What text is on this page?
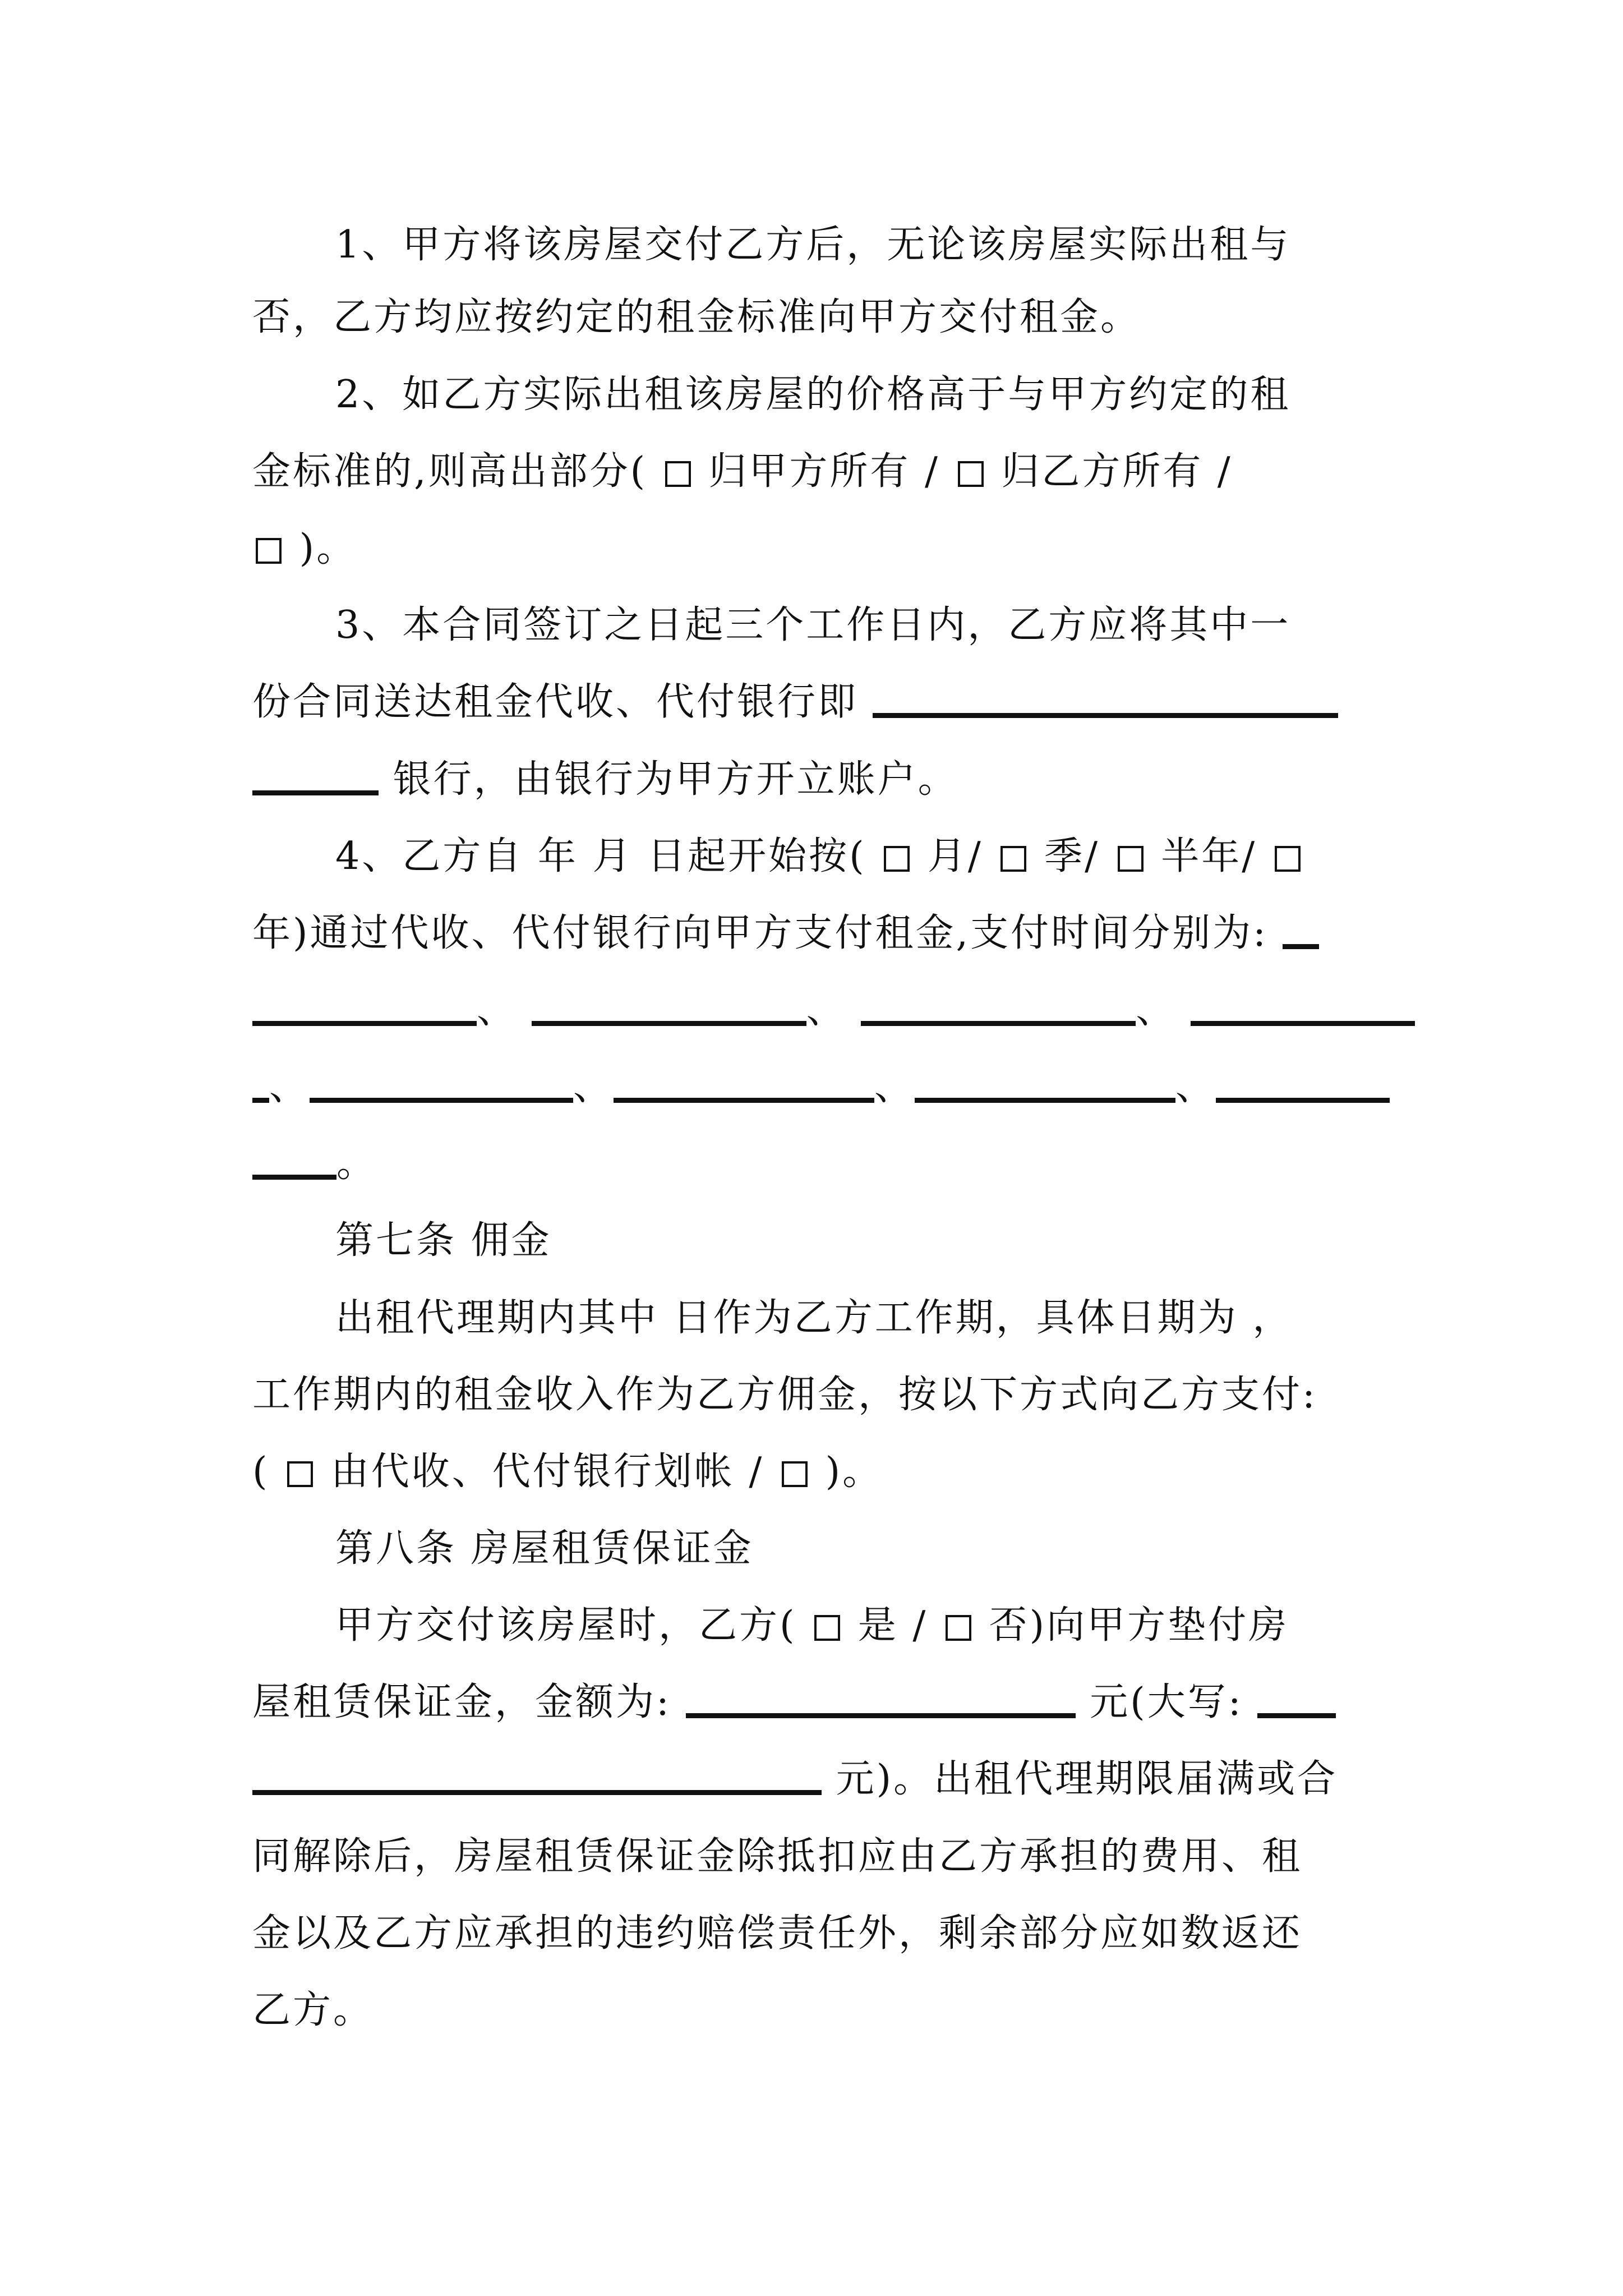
1、甲方将该房屋交付乙方后，无论该房屋实际出租与
否，乙方均应按约定的租金标准向甲方交付租金。
2、如乙方实际出租该房屋的价格高于与甲方约定的租
金标准的,则高出部分( 归甲方所有 / 归乙方所有 /
)。
3、本合同签订之日起三个工作日内，乙方应将其中一
份合同送达租金代收、代付银行即
银行，由银行为甲方开立账户。
4、乙方自 年 月 日起开始按( 月/ 季/ 半年/
年)通过代收、代付银行向甲方支付租金,支付时间分别为:
、	、	、
、	、	、	、
。
第七条 佣金
出租代理期内其中 日作为乙方工作期，具体日期为 ，
工作期内的租金收入作为乙方佣金，按以下方式向乙方支付:
( 由代收、代付银行划帐 / )。
第八条 房屋租赁保证金
甲方交付该房屋时，乙方( 是 / 否)向甲方垫付房
屋租赁保证金，金额为:	元(大写:
元)。出租代理期限届满或合
同解除后，房屋租赁保证金除抵扣应由乙方承担的费用、租
金以及乙方应承担的违约赔偿责任外，剩余部分应如数返还
乙方。
